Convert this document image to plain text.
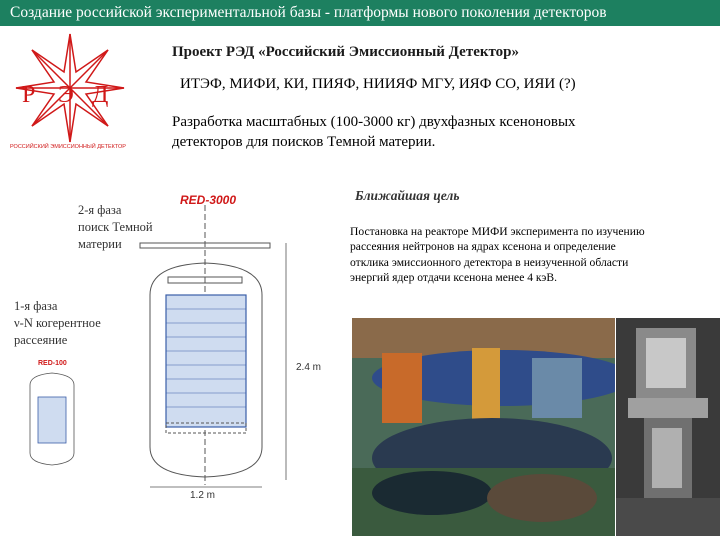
Создание российской экспериментальной базы - платформы нового поколения детекторов
Р Э Д
РОССИЙСКИЙ ЭМИССИОННЫЙ ДЕТЕКТОР
Проект РЭД «Российский Эмиссионный Детектор»
ИТЭФ, МИФИ, КИ, ПИЯФ, НИИЯФ МГУ, ИЯФ СО, ИЯИ (?)
Разработка масштабных (100-3000 кг) двухфазных ксеноновых
детекторов для поисков Темной материи.
2-я фаза
поиск Темной
материи
1-я фаза
ν-N когерентное
рассеяние
RED-3000
2.4 m
1.2 m
RED-100
Ближайшая цель
Постановка на реакторе МИФИ эксперимента по изучению
рассеяния нейтронов на ядрах ксенона и определение
отклика эмиссионного детектора в неизученной области
энергий ядер отдачи ксенона менее 4 кэВ.
